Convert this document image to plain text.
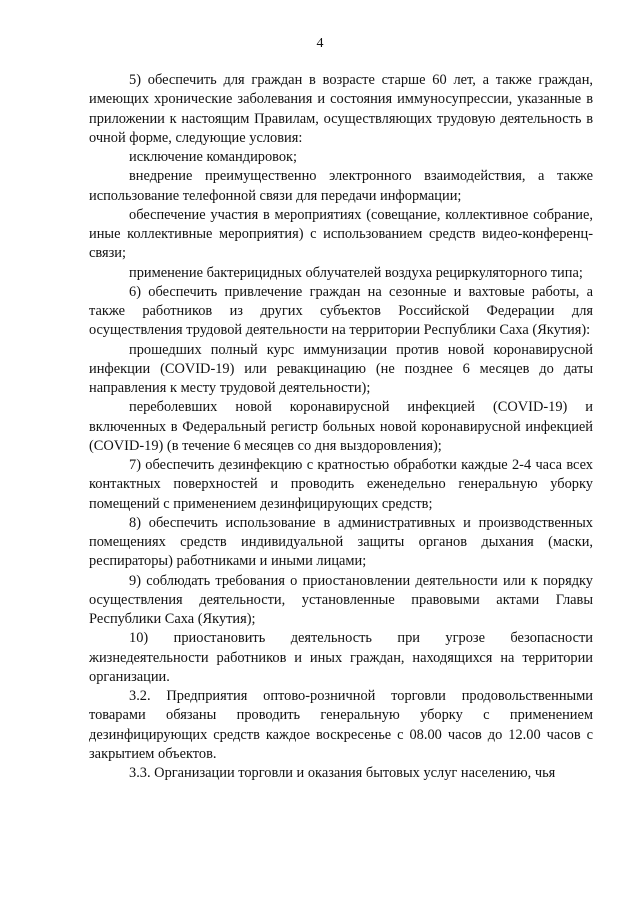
4

5) обеспечить для граждан в возрасте старше 60 лет, а также граждан, имеющих хронические заболевания и состояния иммуносупрессии, указанные в приложении к настоящим Правилам, осуществляющих трудовую деятельность в очной форме, следующие условия:

исключение командировок;

внедрение преимущественно электронного взаимодействия, а также использование телефонной связи для передачи информации;

обеспечение участия в мероприятиях (совещание, коллективное собрание, иные коллективные мероприятия) с использованием средств видео-конференц-связи;

применение бактерицидных облучателей воздуха рециркуляторного типа;

6) обеспечить привлечение граждан на сезонные и вахтовые работы, а также работников из других субъектов Российской Федерации для осуществления трудовой деятельности на территории Республики Саха (Якутия):

прошедших полный курс иммунизации против новой коронавирусной инфекции (COVID-19) или ревакцинацию (не позднее 6 месяцев до даты направления к месту трудовой деятельности);

переболевших новой коронавирусной инфекцией (COVID-19) и включенных в Федеральный регистр больных новой коронавирусной инфекцией (COVID-19) (в течение 6 месяцев со дня выздоровления);

7) обеспечить дезинфекцию с кратностью обработки каждые 2-4 часа всех контактных поверхностей и проводить еженедельно генеральную уборку помещений с применением дезинфицирующих средств;

8) обеспечить использование в административных и производственных помещениях средств индивидуальной защиты органов дыхания (маски, респираторы) работниками и иными лицами;

9) соблюдать требования о приостановлении деятельности или к порядку осуществления деятельности, установленные правовыми актами Главы Республики Саха (Якутия);

10) приостановить деятельность при угрозе безопасности жизнедеятельности работников и иных граждан, находящихся на территории организации.

3.2. Предприятия оптово-розничной торговли продовольственными товарами обязаны проводить генеральную уборку с применением дезинфицирующих средств каждое воскресенье с 08.00 часов до 12.00 часов с закрытием объектов.

3.3. Организации торговли и оказания бытовых услуг населению, чья
